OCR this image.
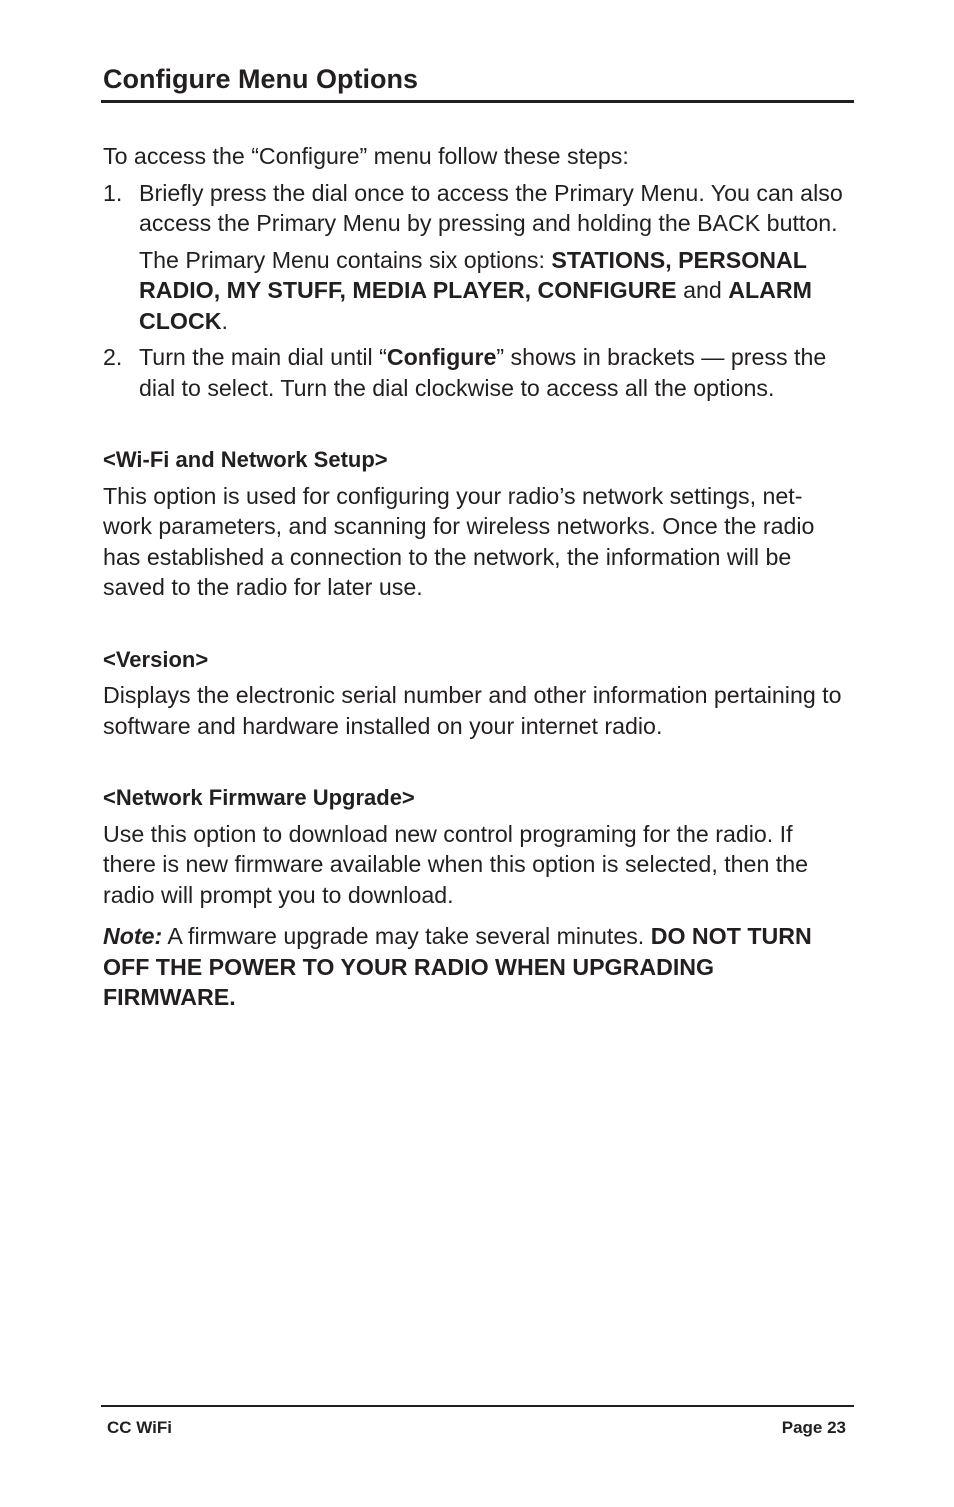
Configure Menu Options

To access the “Configure” menu follow these steps:

1. Briefly press the dial once to access the Primary Menu. You can also access the Primary Menu by pressing and holding the BACK button.

The Primary Menu contains six options: STATIONS, PERSONAL RADIO, MY STUFF, MEDIA PLAYER, CONFIGURE and ALARM CLOCK.

2. Turn the main dial until “Configure” shows in brackets — press the dial to select. Turn the dial clockwise to access all the options.

<Wi-Fi and Network Setup>

This option is used for configuring your radio’s network settings, net-work parameters, and scanning for wireless networks. Once the radio has established a connection to the network, the information will be saved to the radio for later use.

<Version>

Displays the electronic serial number and other information pertaining to software and hardware installed on your internet radio.

<Network Firmware Upgrade>

Use this option to download new control programing for the radio. If there is new firmware available when this option is selected, then the radio will prompt you to download.

Note: A firmware upgrade may take several minutes. DO NOT TURN OFF THE POWER TO YOUR RADIO WHEN UPGRADING FIRMWARE.

CC WiFi	Page 23
